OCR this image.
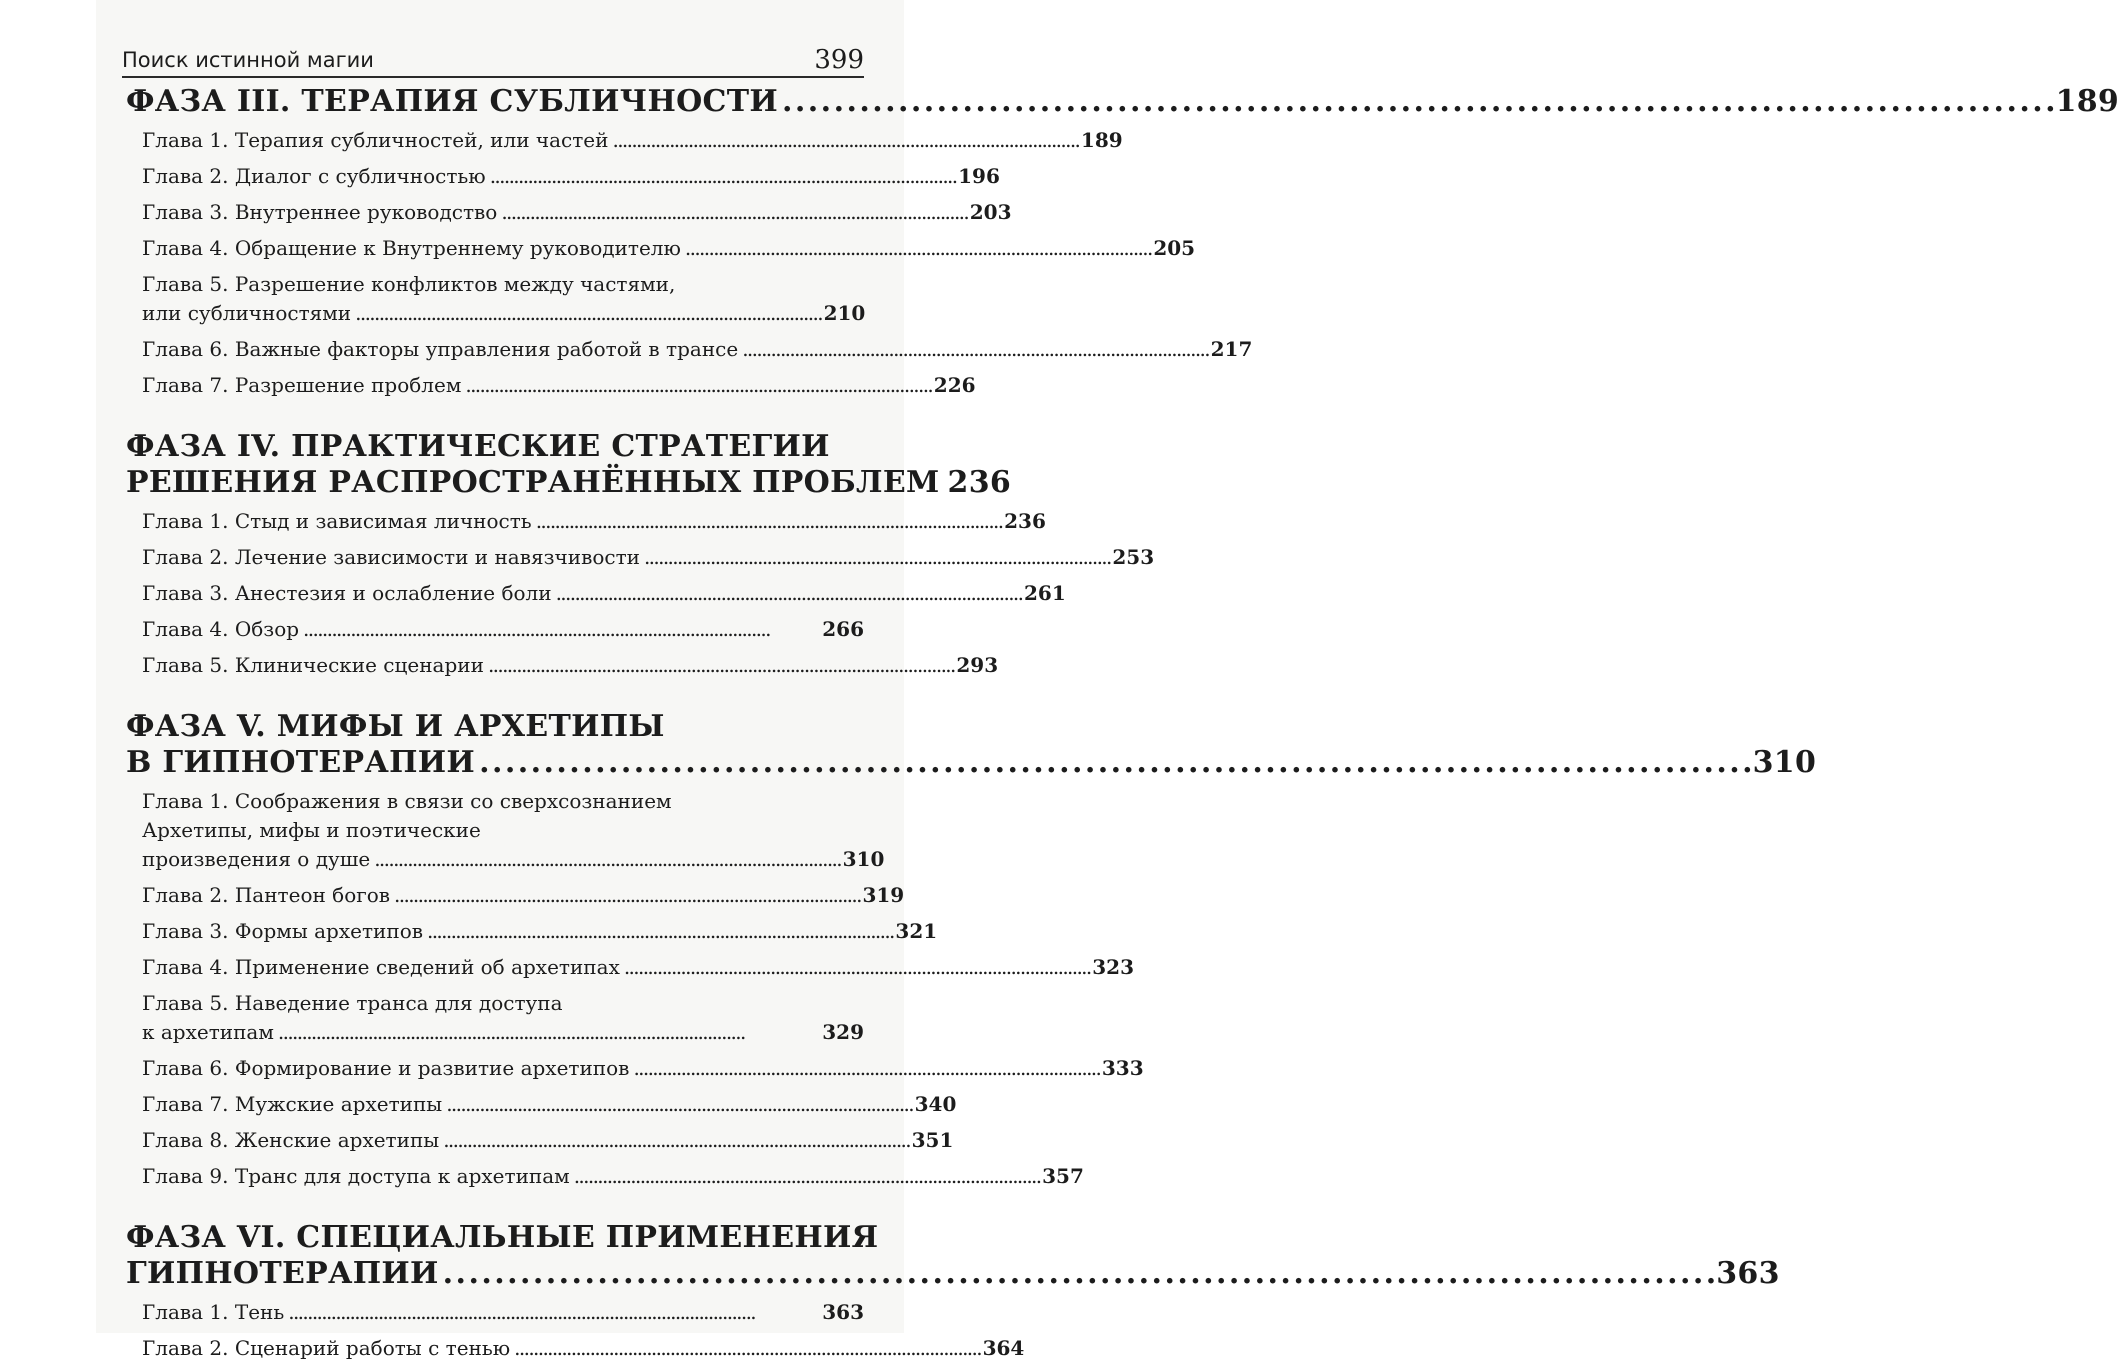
Поиск истинной магии	399
ФАЗА III. ТЕРАПИЯ СУБЛИЧНОСТИ . . .	189
Глава 1. Терапия субличностей, или частей . . .	189
Глава 2. Диалог с субличностью . . .	196
Глава 3. Внутреннее руководство . . .	203
Глава 4. Обращение к Внутреннему руководителю . . .	205
Глава 5. Разрешение конфликтов между частями,
или субличностями . . .	210
Глава 6. Важные факторы управления работой в трансе . . .	217
Глава 7. Разрешение проблем . . .	226
ФАЗА IV. ПРАКТИЧЕСКИЕ СТРАТЕГИИ
РЕШЕНИЯ РАСПРОСТРАНЁННЫХ ПРОБЛЕМ 236
Глава 1. Стыд и зависимая личность . . .	236
Глава 2. Лечение зависимости и навязчивости . . .	253
Глава 3. Анестезия и ослабление боли . . .	261
Глава 4. Обзор . . .	266
Глава 5. Клинические сценарии . . .	293
ФАЗА V. МИФЫ И АРХЕТИПЫ
В ГИПНОТЕРАПИИ . . .	310
Глава 1. Соображения в связи со сверхсознанием
Архетипы, мифы и поэтические
произведения о душе . . .	310
Глава 2. Пантеон богов . . .	319
Глава 3. Формы архетипов . . .	321
Глава 4. Применение сведений об архетипах . . .	323
Глава 5. Наведение транса для доступа
к архетипам . . .	329
Глава 6. Формирование и развитие архетипов . . .	333
Глава 7. Мужские архетипы . . .	340
Глава 8. Женские архетипы . . .	351
Глава 9. Транс для доступа к архетипам . . .	357
ФАЗА VI. СПЕЦИАЛЬНЫЕ ПРИМЕНЕНИЯ
ГИПНОТЕРАПИИ . . .	363
Глава 1. Тень . . .	363
Глава 2. Сценарий работы с тенью . . .	364
